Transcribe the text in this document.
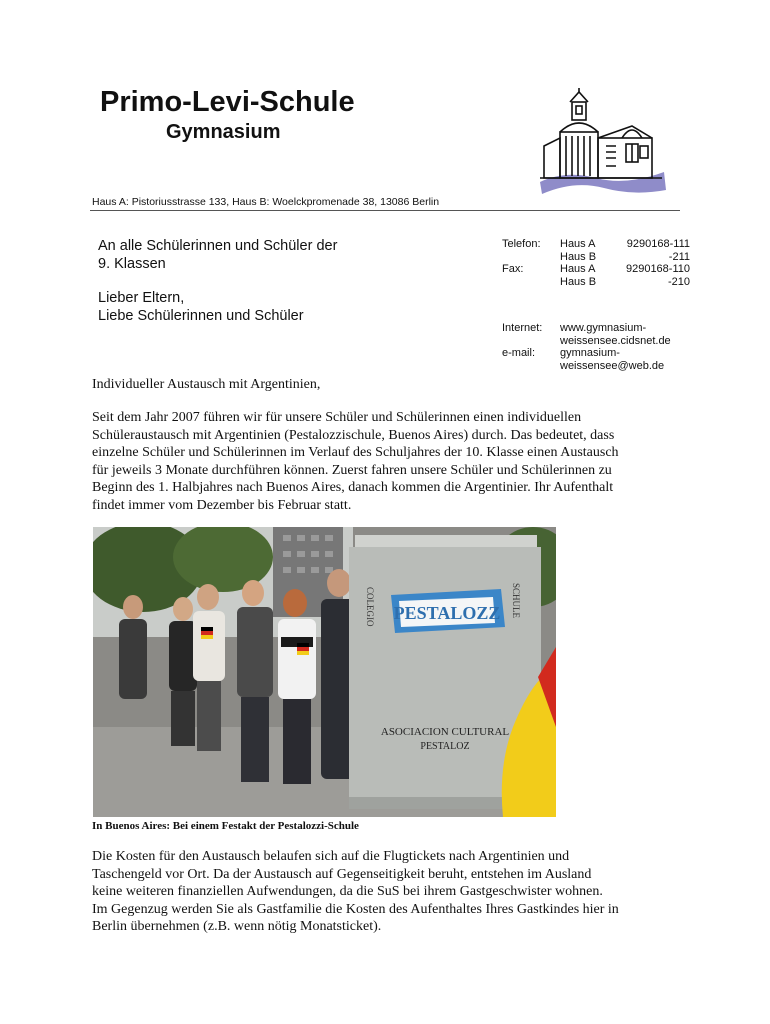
Primo-Levi-Schule
Gymnasium
Haus A: Pistoriusstrasse 133, Haus B: Woelckpromenade 38, 13086 Berlin
An alle Schülerinnen und Schüler der
9. Klassen
Lieber Eltern,
Liebe Schülerinnen und Schüler
Telefon:
Fax:
Haus A
Haus B
Haus A
Haus B
9290168-111
-211
9290168-110
-210
Internet: www.gymnasium-
weissensee.cidsnet.de
e-mail: gymnasium-
weissensee@web.de
Individueller Austausch mit Argentinien,
Seit dem Jahr 2007 führen wir für unsere Schüler und Schülerinnen einen individuellen
Schüleraustausch mit Argentinien (Pestalozzischule, Buenos Aires) durch. Das bedeutet, dass
einzelne Schüler und Schülerinnen im Verlauf des Schuljahres der 10. Klasse einen Austausch
für jeweils 3 Monate durchführen können. Zuerst fahren unsere Schüler und Schülerinnen zu
Beginn des 1. Halbjahres nach Buenos Aires, danach kommen die Argentinier. Ihr Aufenthalt
findet immer vom Dezember bis Februar statt.
PESTALOZZ
COLEGIO	SCHULE
ASOCIACION CULTURAL
PESTALOZ
In Buenos Aires: Bei einem Festakt der Pestalozzi-Schule
Die Kosten für den Austausch belaufen sich auf die Flugtickets nach Argentinien und
Taschengeld vor Ort. Da der Austausch auf Gegenseitigkeit beruht, entstehen im Ausland
keine weiteren finanziellen Aufwendungen, da die SuS bei ihrem Gastgeschwister wohnen.
Im Gegenzug werden Sie als Gastfamilie die Kosten des Aufenthaltes Ihres Gastkindes hier in
Berlin übernehmen (z.B. wenn nötig Monatsticket).
